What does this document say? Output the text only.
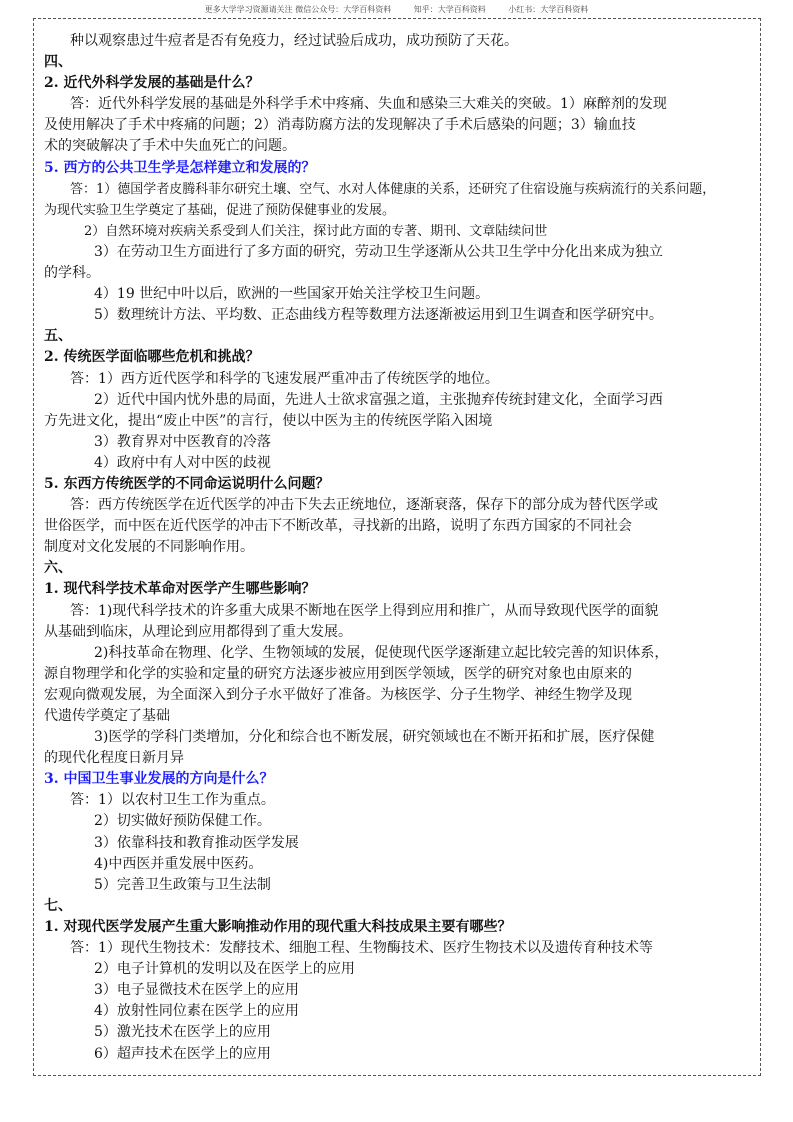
更多大学学习资源请关注 微信公众号：大学百科资料	知乎：大学百科资料	小红书：大学百科资料
种以观察患过牛痘者是否有免疫力，经过试验后成功，成功预防了天花。
四、
2. 近代外科学发展的基础是什么？
答：近代外科学发展的基础是外科学手术中疼痛、失血和感染三大难关的突破。1）麻醉剂的发现
及使用解决了手术中疼痛的问题；2）消毒防腐方法的发现解决了手术后感染的问题；3）输血技
术的突破解决了手术中失血死亡的问题。
5. 西方的公共卫生学是怎样建立和发展的？
答：1）德国学者皮腾科菲尔研究土壤、空气、水对人体健康的关系，还研究了住宿设施与疾病流行的关系问题，
为现代实验卫生学奠定了基础，促进了预防保健事业的发展。
2）自然环境对疾病关系受到人们关注，探讨此方面的专著、期刊、文章陆续问世
3）在劳动卫生方面进行了多方面的研究，劳动卫生学逐渐从公共卫生学中分化出来成为独立
的学科。
4）19 世纪中叶以后，欧洲的一些国家开始关注学校卫生问题。
5）数理统计方法、平均数、正态曲线方程等数理方法逐渐被运用到卫生调查和医学研究中。
五、
2. 传统医学面临哪些危机和挑战？
答：1）西方近代医学和科学的飞速发展严重冲击了传统医学的地位。
2）近代中国内忧外患的局面，先进人士欲求富强之道，主张抛弃传统封建文化，全面学习西
方先进文化，提出“废止中医”的言行，使以中医为主的传统医学陷入困境
3）教育界对中医教育的冷落
4）政府中有人对中医的歧视
5. 东西方传统医学的不同命运说明什么问题？
答：西方传统医学在近代医学的冲击下失去正统地位，逐渐衰落，保存下的部分成为替代医学或
世俗医学，而中医在近代医学的冲击下不断改革，寻找新的出路，说明了东西方国家的不同社会
制度对文化发展的不同影响作用。
六、
1. 现代科学技术革命对医学产生哪些影响？
答：1)现代科学技术的许多重大成果不断地在医学上得到应用和推广，从而导致现代医学的面貌
从基础到临床，从理论到应用都得到了重大发展。
2)科技革命在物理、化学、生物领域的发展，促使现代医学逐渐建立起比较完善的知识体系，
源自物理学和化学的实验和定量的研究方法逐步被应用到医学领域，医学的研究对象也由原来的
宏观向微观发展，为全面深入到分子水平做好了准备。为核医学、分子生物学、神经生物学及现
代遗传学奠定了基础
3)医学的学科门类增加，分化和综合也不断发展，研究领域也在不断开拓和扩展，医疗保健
的现代化程度日新月异
3. 中国卫生事业发展的方向是什么？
答：1）以农村卫生工作为重点。
2）切实做好预防保健工作。
3）依靠科技和教育推动医学发展
4)中西医并重发展中医药。
5）完善卫生政策与卫生法制
七、
1. 对现代医学发展产生重大影响推动作用的现代重大科技成果主要有哪些？
答：1）现代生物技术：发酵技术、细胞工程、生物酶技术、医疗生物技术以及遗传育种技术等
2）电子计算机的发明以及在医学上的应用
3）电子显微技术在医学上的应用
4）放射性同位素在医学上的应用
5）激光技术在医学上的应用
6）超声技术在医学上的应用
